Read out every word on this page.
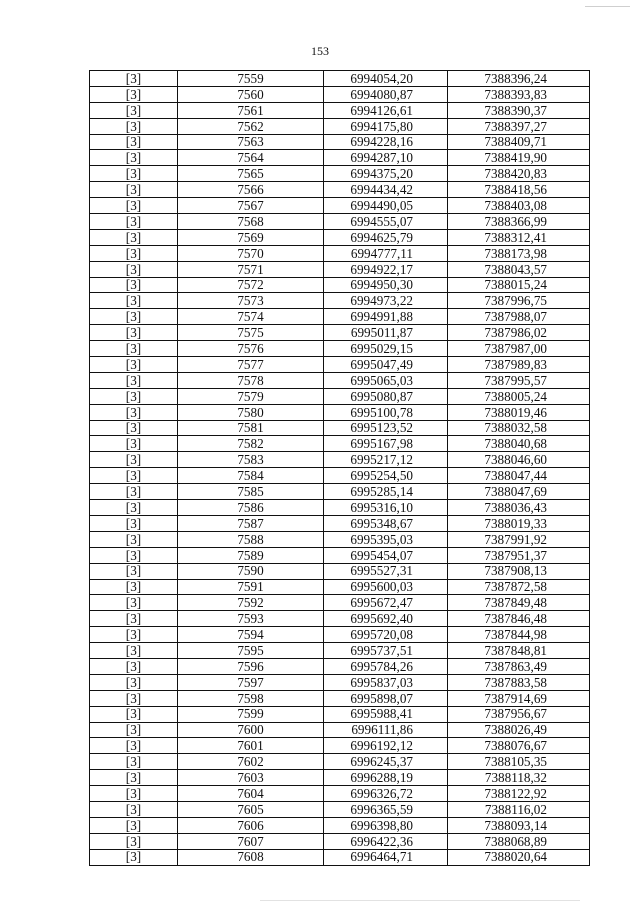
153
[3]	7559	6994054,20	7388396,24
[3]	7560	6994080,87	7388393,83
[3]	7561	6994126,61	7388390,37
[3]	7562	6994175,80	7388397,27
[3]	7563	6994228,16	7388409,71
[3]	7564	6994287,10	7388419,90
[3]	7565	6994375,20	7388420,83
[3]	7566	6994434,42	7388418,56
[3]	7567	6994490,05	7388403,08
[3]	7568	6994555,07	7388366,99
[3]	7569	6994625,79	7388312,41
[3]	7570	6994777,11	7388173,98
[3]	7571	6994922,17	7388043,57
[3]	7572	6994950,30	7388015,24
[3]	7573	6994973,22	7387996,75
[3]	7574	6994991,88	7387988,07
[3]	7575	6995011,87	7387986,02
[3]	7576	6995029,15	7387987,00
[3]	7577	6995047,49	7387989,83
[3]	7578	6995065,03	7387995,57
[3]	7579	6995080,87	7388005,24
[3]	7580	6995100,78	7388019,46
[3]	7581	6995123,52	7388032,58
[3]	7582	6995167,98	7388040,68
[3]	7583	6995217,12	7388046,60
[3]	7584	6995254,50	7388047,44
[3]	7585	6995285,14	7388047,69
[3]	7586	6995316,10	7388036,43
[3]	7587	6995348,67	7388019,33
[3]	7588	6995395,03	7387991,92
[3]	7589	6995454,07	7387951,37
[3]	7590	6995527,31	7387908,13
[3]	7591	6995600,03	7387872,58
[3]	7592	6995672,47	7387849,48
[3]	7593	6995692,40	7387846,48
[3]	7594	6995720,08	7387844,98
[3]	7595	6995737,51	7387848,81
[3]	7596	6995784,26	7387863,49
[3]	7597	6995837,03	7387883,58
[3]	7598	6995898,07	7387914,69
[3]	7599	6995988,41	7387956,67
[3]	7600	6996111,86	7388026,49
[3]	7601	6996192,12	7388076,67
[3]	7602	6996245,37	7388105,35
[3]	7603	6996288,19	7388118,32
[3]	7604	6996326,72	7388122,92
[3]	7605	6996365,59	7388116,02
[3]	7606	6996398,80	7388093,14
[3]	7607	6996422,36	7388068,89
[3]	7608	6996464,71	7388020,64
